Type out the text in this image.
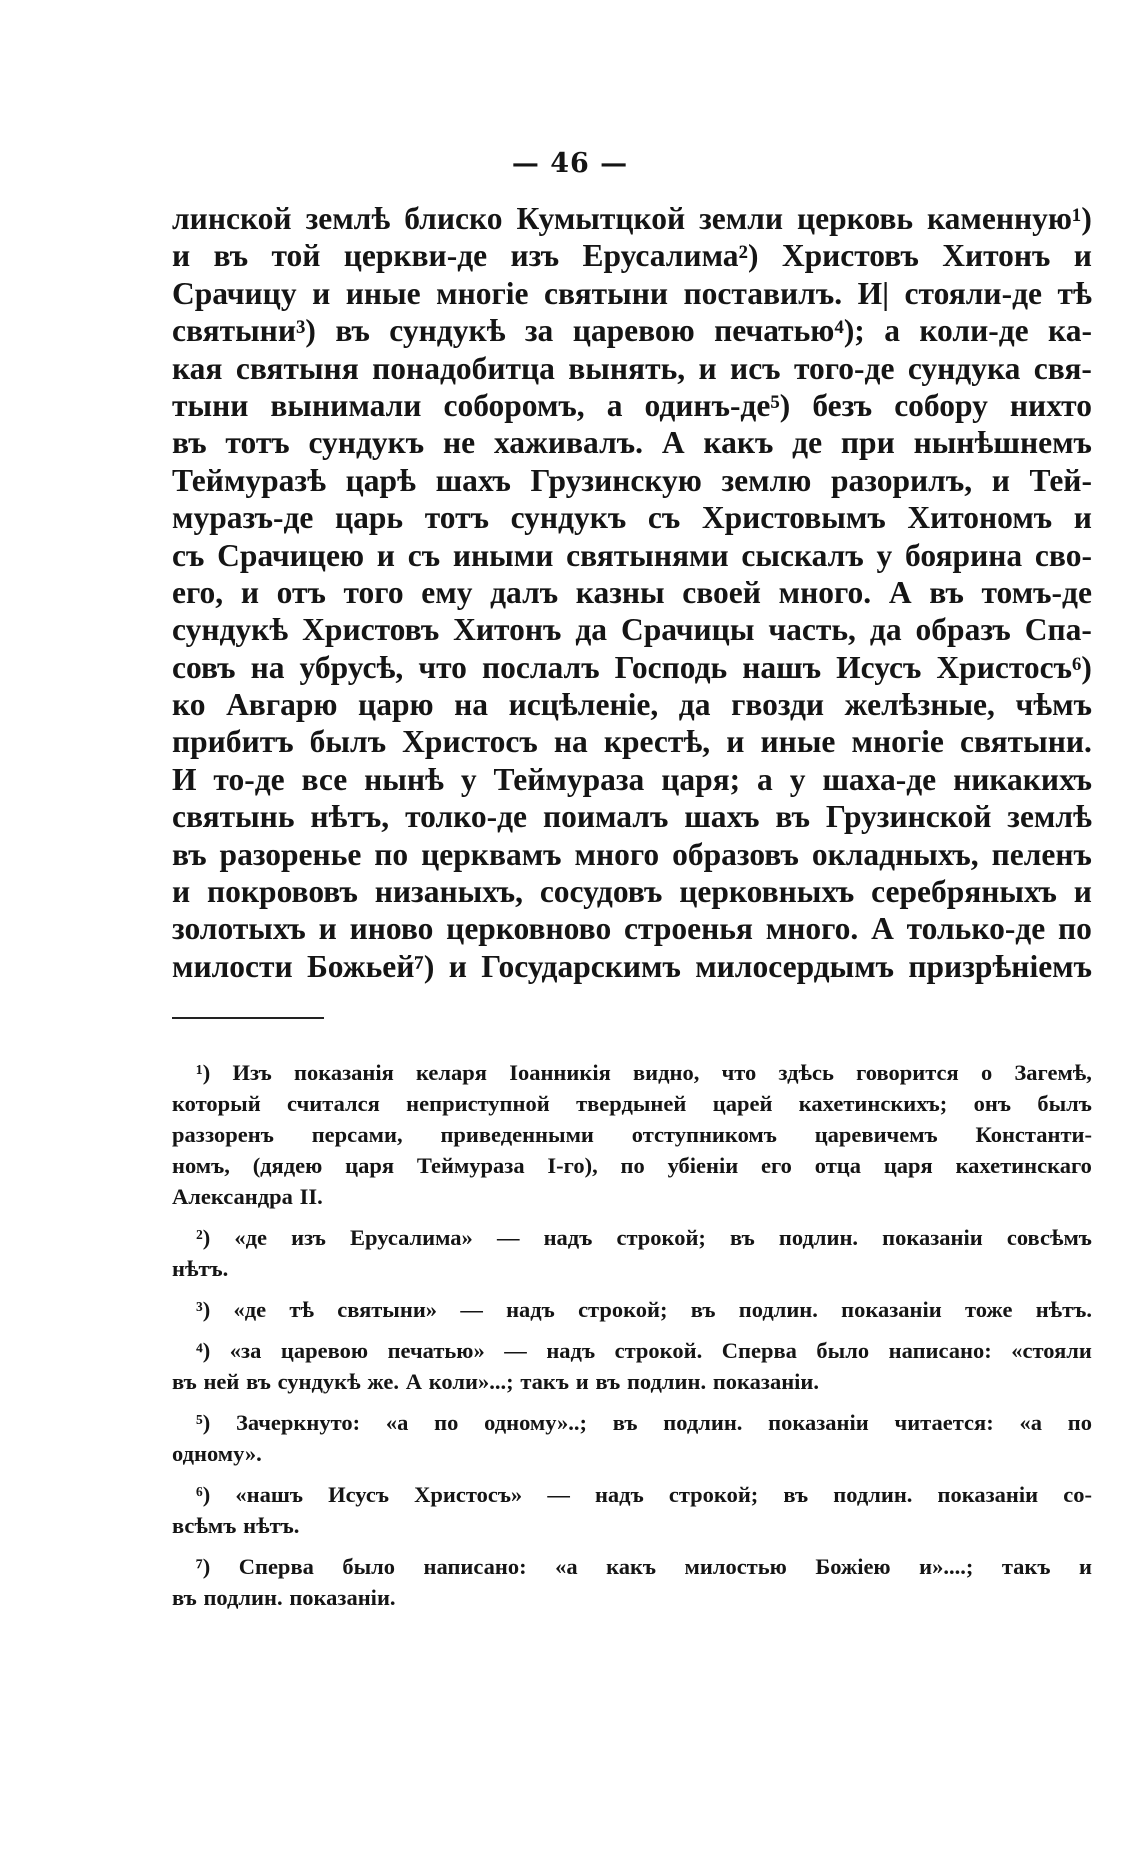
— 46 —
линской землѣ блиско Кумытцкой земли церковь каменную¹)
и въ той церкви-де изъ Ерусалима²) Христовъ Хитонъ и
Срачицу и иные многіе святыни поставилъ. И| стояли-де тѣ
святыни³) въ сундукѣ за царевою печатью⁴); а коли-де ка-
кая святыня понадобитца вынять, и исъ того-де сундука свя-
тыни вынимали соборомъ, а одинъ-де⁵) безъ собору нихто
въ тотъ сундукъ не хаживалъ. А какъ де при нынѣшнемъ
Теймуразѣ царѣ шахъ Грузинскую землю разорилъ, и Тей-
муразъ-де царь тотъ сундукъ съ Христовымъ Хитономъ и
съ Срачицею и съ иными святынями сыскалъ у боярина сво-
его, и отъ того ему далъ казны своей много. А въ томъ-де
сундукѣ Христовъ Хитонъ да Срачицы часть, да образъ Спа-
совъ на убрусѣ, что послалъ Господь нашъ Исусъ Христосъ⁶)
ко Авгарю царю на исцѣленіе, да гвозди желѣзные, чѣмъ
прибитъ былъ Христосъ на крестѣ, и иные многіе святыни.
И то-де все нынѣ у Теймураза царя; а у шаха-де никакихъ
святынь нѣтъ, толко-де поималъ шахъ въ Грузинской землѣ
въ разоренье по церквамъ много образовъ окладныхъ, пеленъ
и покрововъ низаныхъ, сосудовъ церковныхъ серебряныхъ и
золотыхъ и иново церковново строенья много. А только-де по
милости Божьей⁷) и Государскимъ милосердымъ призрѣніемъ
¹) Изъ показанія келаря Іоанникія видно, что здѣсь говорится о Загемѣ,
который считался неприступной твердыней царей кахетинскихъ; онъ былъ
раззоренъ персами, приведенными отступникомъ царевичемъ Константи-
номъ, (дядею царя Теймураза І-го), по убіеніи его отца царя кахетинскаго
Александра II.
²) «де изъ Ерусалима» — надъ строкой; въ подлин. показаніи совсѣмъ
нѣтъ.
³) «де тѣ святыни» — надъ строкой; въ подлин. показаніи тоже нѣтъ.
⁴) «за царевою печатью» — надъ строкой. Сперва было написано: «стояли
въ ней въ сундукѣ же. А коли»...; такъ и въ подлин. показаніи.
⁵) Зачеркнуто: «а по одному»..; въ подлин. показаніи читается: «а по
одному».
⁶) «нашъ Исусъ Христосъ» — надъ строкой; въ подлин. показаніи со-
всѣмъ нѣтъ.
⁷) Сперва было написано: «а какъ милостью Божіею и»....; такъ и
въ подлин. показаніи.
